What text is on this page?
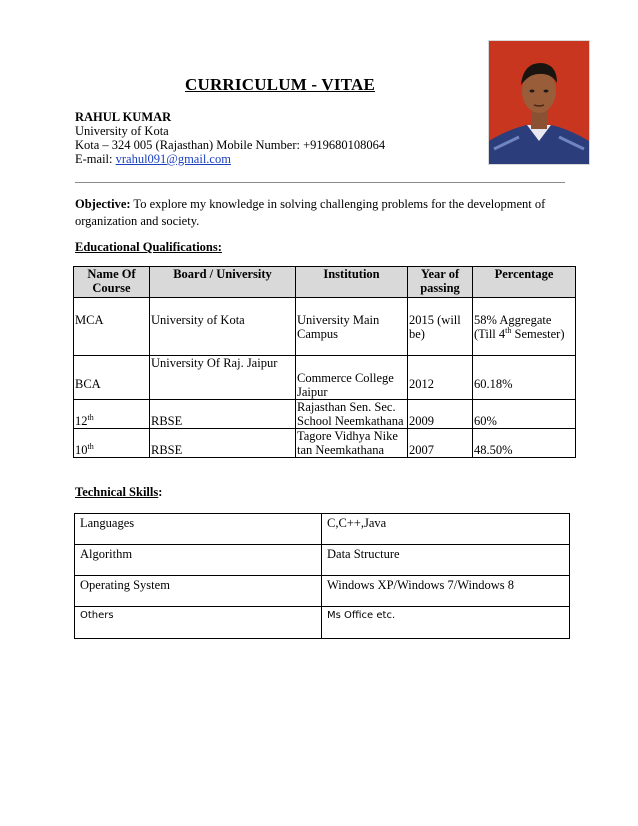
CURRICULUM - VITAE
RAHUL KUMAR
University of Kota
Kota – 324 005 (Rajasthan) Mobile Number: +919680108064
E-mail: vrahul091@gmail.com
Objective: To explore my knowledge in solving challenging problems for the development of organization and society.
Educational Qualifications:
Name Of Course	Board / University	Institution	Year of passing	Percentage
MCA	University of Kota	University Main Campus	2015 (will be)	58% Aggregate (Till 4th Semester)
BCA	University Of Raj. Jaipur	Commerce College Jaipur	2012	60.18%
12th	RBSE	Rajasthan Sen. Sec. School Neemkathana	2009	60%
10th	RBSE	Tagore Vidhya Nike tan Neemkathana	2007	48.50%
Technical Skills:
Languages	C,C++,Java
Algorithm	Data Structure
Operating System	Windows XP/Windows 7/Windows 8
Others	Ms Office etc.
